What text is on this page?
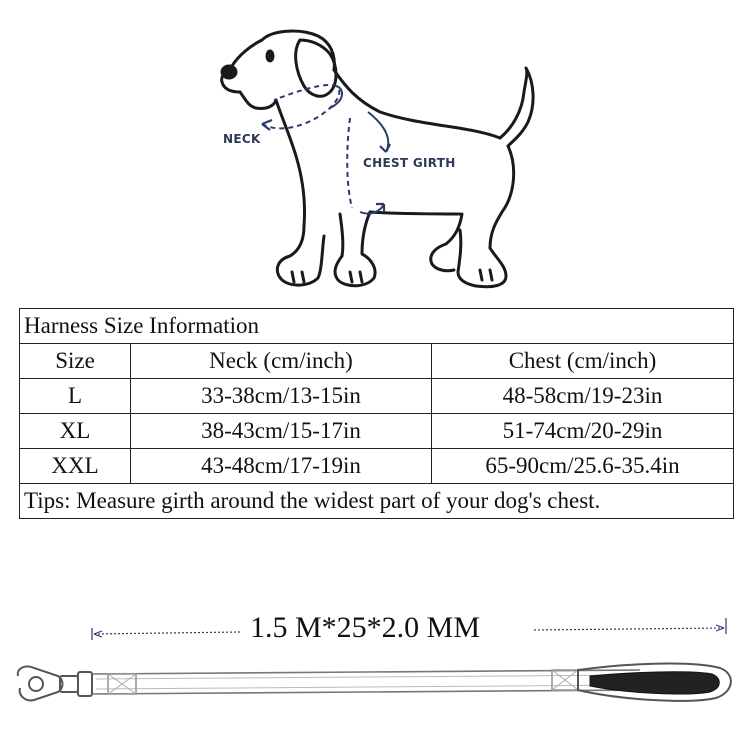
NECK
CHEST GIRTH
Harness Size Information		
Size	Neck (cm/inch)	Chest (cm/inch)
L	33-38cm/13-15in	48-58cm/19-23in
XL	38-43cm/15-17in	51-74cm/20-29in
XXL	43-48cm/17-19in	65-90cm/25.6-35.4in
Tips: Measure girth around the widest part of your dog's chest.		
1.5 M*25*2.0 MM
